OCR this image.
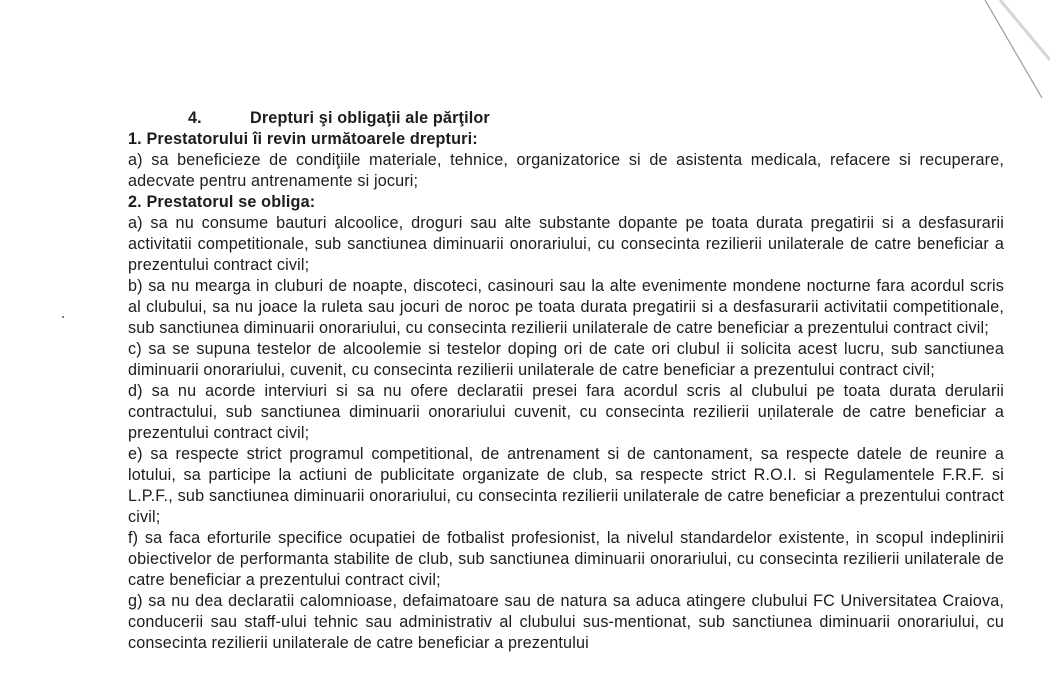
4.	Drepturi şi obligaţii ale părţilor
1. Prestatorului îi revin următoarele drepturi:
a) sa beneficieze de condiţiile materiale, tehnice, organizatorice si de asistenta medicala, refacere si recuperare, adecvate pentru antrenamente si jocuri;
2. Prestatorul se obliga:
a) sa nu consume bauturi alcoolice, droguri sau alte substante dopante pe toata durata pregatirii si a desfasurarii activitatii competitionale, sub sanctiunea diminuarii onorariului, cu consecinta rezilierii unilaterale de catre beneficiar a prezentului contract civil;
b) sa nu mearga in cluburi de noapte, discoteci, casinouri sau la alte evenimente mondene nocturne fara acordul scris al clubului, sa nu joace la ruleta sau jocuri de noroc pe toata durata pregatirii si a desfasurarii activitatii competitionale, sub sanctiunea diminuarii onorariului, cu consecinta rezilierii unilaterale de catre beneficiar a prezentului contract civil;
c) sa se supuna testelor de alcoolemie si testelor doping ori de cate ori clubul ii solicita acest lucru, sub sanctiunea diminuarii onorariului, cuvenit, cu consecinta rezilierii unilaterale de catre beneficiar a prezentului contract civil;
d) sa nu acorde interviuri si sa nu ofere declaratii presei fara acordul scris al clubului pe toata durata derularii contractului, sub sanctiunea diminuarii onorariului cuvenit, cu consecinta rezilierii unilaterale de catre beneficiar a prezentului contract civil;
e) sa respecte strict programul competitional, de antrenament si de cantonament, sa respecte datele de reunire a lotului, sa participe la actiuni de publicitate organizate de club, sa respecte strict R.O.I. si Regulamentele F.R.F. si L.P.F., sub sanctiunea diminuarii onorariului, cu consecinta rezilierii unilaterale de catre beneficiar a prezentului contract civil;
f) sa faca eforturile specifice ocupatiei de fotbalist profesionist, la nivelul standardelor existente, in scopul indeplinirii obiectivelor de performanta stabilite de club, sub sanctiunea diminuarii onorariului, cu consecinta rezilierii unilaterale de catre beneficiar a prezentului contract civil;
g) sa nu dea declaratii calomnioase, defaimatoare sau de natura sa aduca atingere clubului FC Universitatea Craiova, conducerii sau staff-ului tehnic sau administrativ al clubului sus-mentionat, sub sanctiunea diminuarii onorariului, cu consecinta rezilierii unilaterale de catre beneficiar a prezentului
